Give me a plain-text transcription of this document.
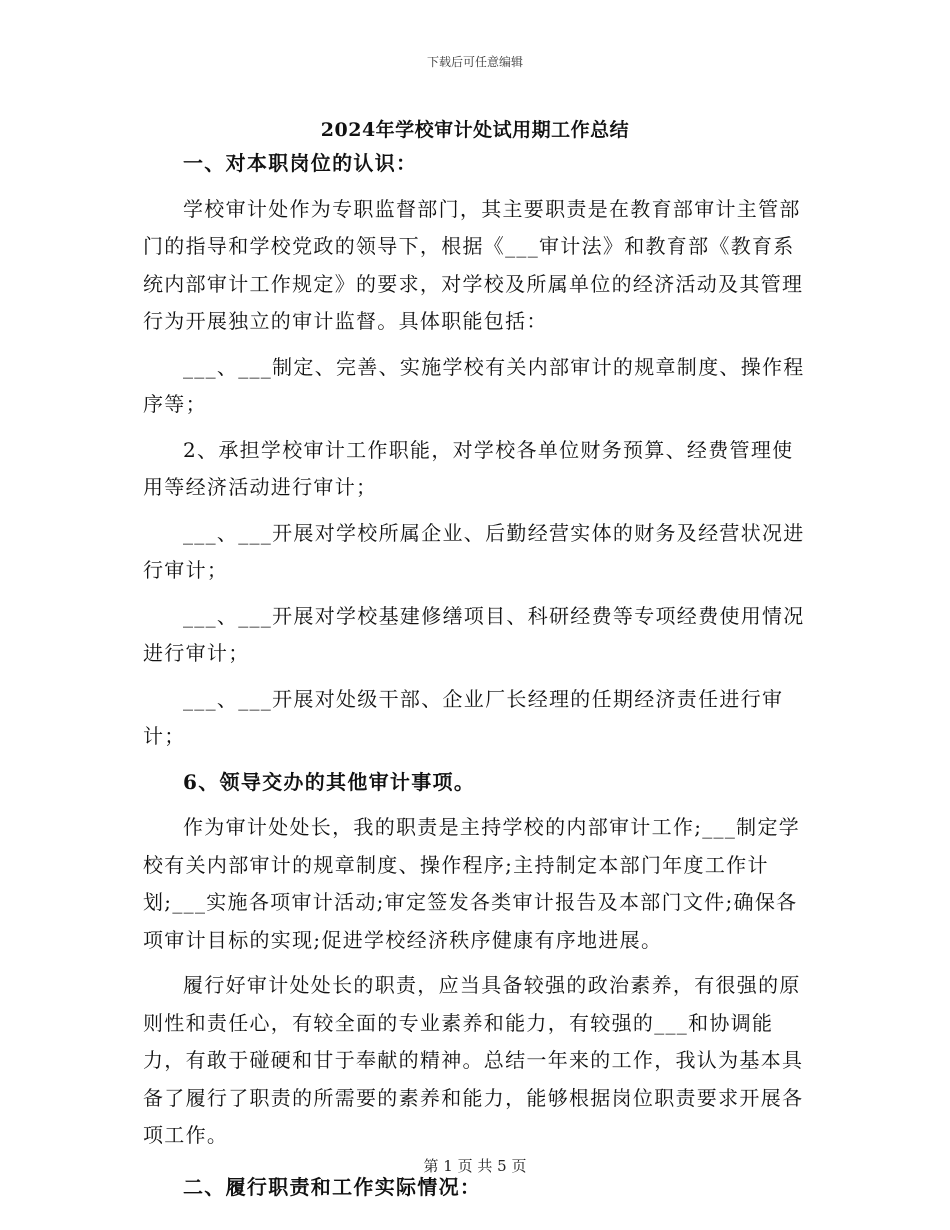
下载后可任意编辑
2024年学校审计处试用期工作总结

一、对本职岗位的认识：

学校审计处作为专职监督部门，其主要职责是在教育部审计主管部门的指导和学校党政的领导下，根据《___审计法》和教育部《教育系统内部审计工作规定》的要求，对学校及所属单位的经济活动及其管理行为开展独立的审计监督。具体职能包括：

___、___制定、完善、实施学校有关内部审计的规章制度、操作程序等；

2、承担学校审计工作职能，对学校各单位财务预算、经费管理使用等经济活动进行审计；

___、___开展对学校所属企业、后勤经营实体的财务及经营状况进行审计；

___、___开展对学校基建修缮项目、科研经费等专项经费使用情况进行审计；

___、___开展对处级干部、企业厂长经理的任期经济责任进行审计；

6、领导交办的其他审计事项。

作为审计处处长，我的职责是主持学校的内部审计工作;___制定学校有关内部审计的规章制度、操作程序;主持制定本部门年度工作计划;___实施各项审计活动;审定签发各类审计报告及本部门文件;确保各项审计目标的实现;促进学校经济秩序健康有序地进展。

履行好审计处处长的职责，应当具备较强的政治素养，有很强的原则性和责任心，有较全面的专业素养和能力，有较强的___和协调能力，有敢于碰硬和甘于奉献的精神。总结一年来的工作，我认为基本具备了履行了职责的所需要的素养和能力，能够根据岗位职责要求开展各项工作。

二、履行职责和工作实际情况：

第 1 页 共 5 页
